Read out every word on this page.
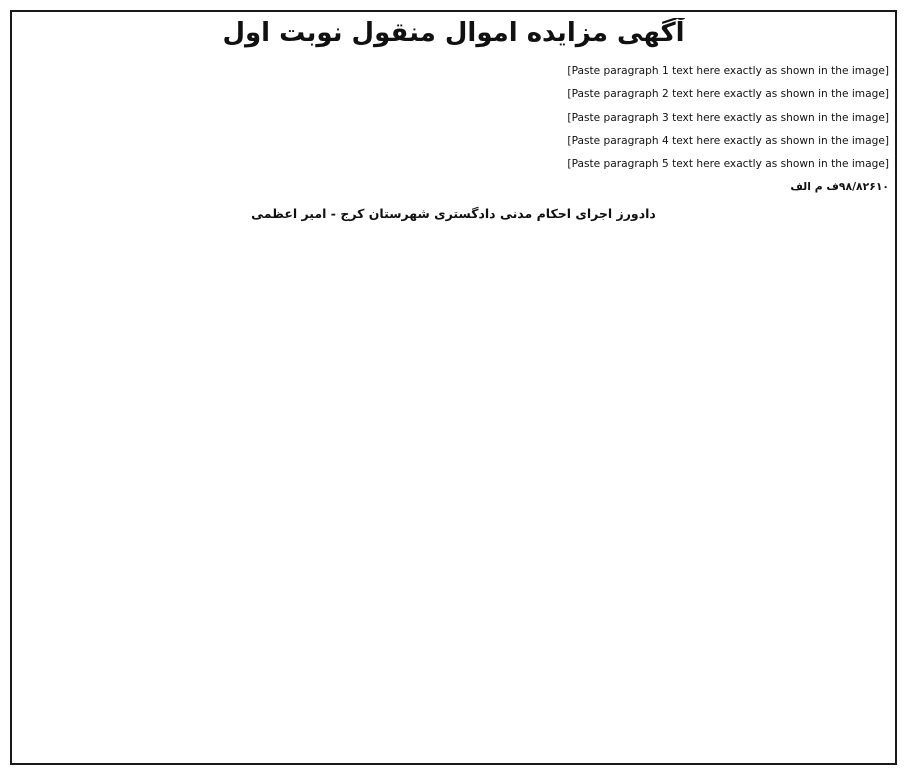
آگهی مزایده اموال منقول نوبت اول

[Paste paragraph 1 text here exactly as shown in the image]

[Paste paragraph 2 text here exactly as shown in the image]

[Paste paragraph 3 text here exactly as shown in the image]

[Paste paragraph 4 text here exactly as shown in the image]

[Paste paragraph 5 text here exactly as shown in the image]

۹۸/۸۲۶۱۰ف م الف

دادورز اجرای احکام مدنی دادگستری شهرستان کرج - امیر اعظمی
